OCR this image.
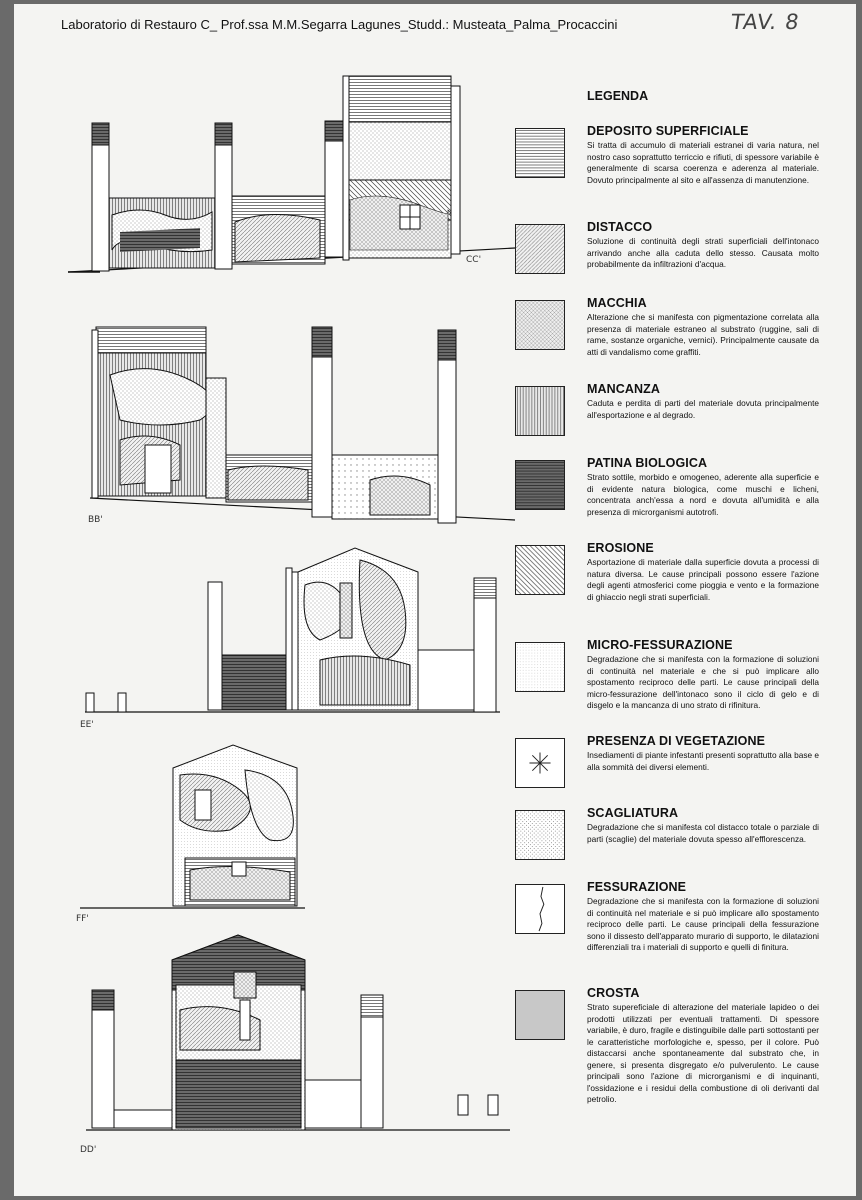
Laboratorio di Restauro C_ Prof.ssa M.M.Segarra Lagunes_Studd.: Musteata_Palma_Procaccini	TAV. 8
CC'
BB'
EE'
FF'
DD'
LEGENDA
DEPOSITO SUPERFICIALE
Si tratta di accumulo di materiali estranei di varia natura, nel nostro caso soprattutto terriccio e rifiuti, di spessore variabile è generalmente di scarsa coerenza e aderenza al materiale. Dovuto principalmente al sito e all'assenza di manutenzione.
DISTACCO
Soluzione di continuità degli strati superficiali dell'intonaco arrivando anche alla caduta dello stesso. Causata molto probabilmente da infiltrazioni d'acqua.
MACCHIA
Alterazione che si manifesta con pigmentazione correlata alla presenza di materiale estraneo al substrato (ruggine, sali di rame, sostanze organiche, vernici). Principalmente causate da atti di vandalismo come graffiti.
MANCANZA
Caduta e perdita di parti del materiale dovuta principalmente all'esportazione e al degrado.
PATINA BIOLOGICA
Strato sottile, morbido e omogeneo, aderente alla superficie e di evidente natura biologica, come muschi e licheni, concentrata anch'essa a nord e dovuta all'umidità e alla presenza di microrganismi autotrofi.
EROSIONE
Asportazione di materiale dalla superficie dovuta a processi di natura diversa. Le cause principali possono essere l'azione degli agenti atmosferici come pioggia e vento e la formazione di ghiaccio negli strati superficiali.
MICRO-FESSURAZIONE
Degradazione che si manifesta con la formazione di soluzioni di continuità nel materiale e che si può implicare allo spostamento reciproco delle parti. Le cause principali della micro-fessurazione dell'intonaco sono il ciclo di gelo e di disgelo e la mancanza di uno strato di rifinitura.
PRESENZA DI VEGETAZIONE
Insediamenti di piante infestanti presenti soprattutto alla base e alla sommità dei diversi elementi.
SCAGLIATURA
Degradazione che si manifesta col distacco totale o parziale di parti (scaglie) del materiale dovuta spesso all'efflorescenza.
FESSURAZIONE
Degradazione che si manifesta con la formazione di soluzioni di continuità nel materiale e si può implicare allo spostamento reciproco delle parti. Le cause principali della fessurazione sono il dissesto dell'apparato murario di supporto, le dilatazioni differenziali tra i materiali di supporto e quelli di finitura.
CROSTA
Strato supereficiale di alterazione del materiale lapideo o dei prodotti utilizzati per eventuali trattamenti. Di spessore variabile, è duro, fragile e distinguibile dalle parti sottostanti per le caratteristiche morfologiche e, spesso, per il colore. Può distaccarsi anche spontaneamente dal substrato che, in genere, si presenta disgregato e/o pulverulento. Le cause principali sono l'azione di microrganismi e di inquinanti, l'ossidazione e i residui della combustione di oli derivanti dal petrolio.
